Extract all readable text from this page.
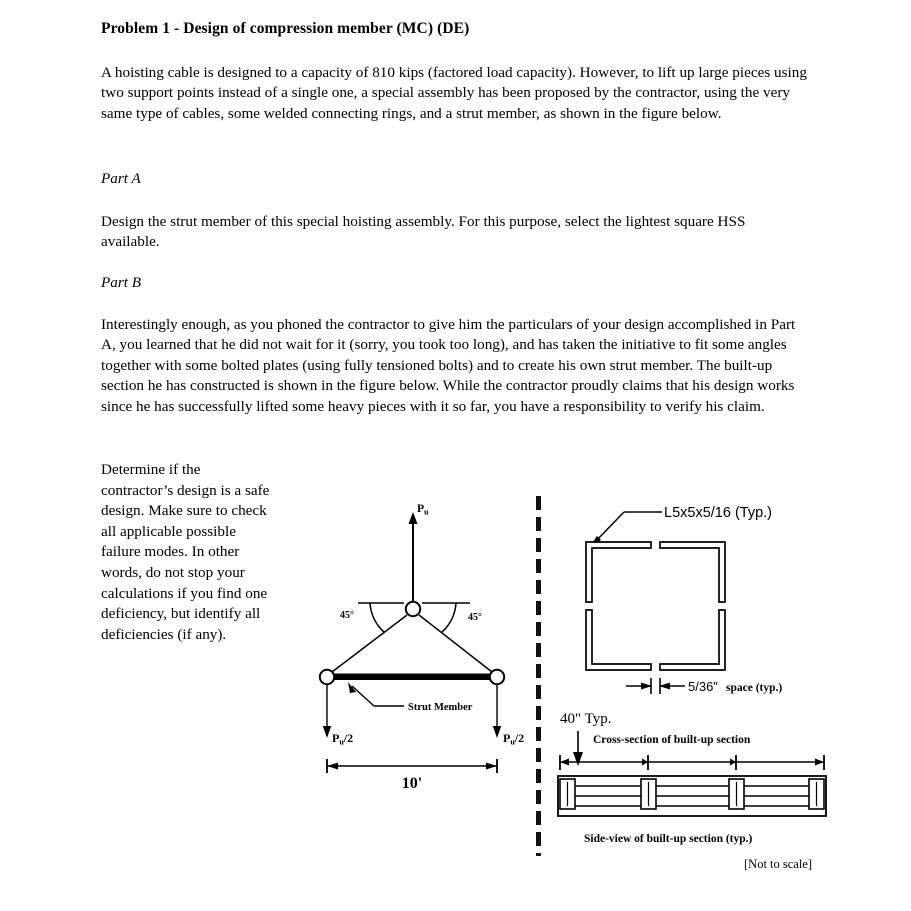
Problem 1 - Design of compression member (MC) (DE)
A hoisting cable is designed to a capacity of 810 kips (factored load capacity). However, to lift up large pieces using two support points instead of a single one, a special assembly has been proposed by the contractor, using the very same type of cables, some welded connecting rings, and a strut member, as shown in the figure below.
Part A
Design the strut member of this special hoisting assembly. For this purpose, select the lightest square HSS available.
Part B
Interestingly enough, as you phoned the contractor to give him the particulars of your design accomplished in Part A, you learned that he did not wait for it (sorry, you took too long), and has taken the initiative to fit some angles together with some bolted plates (using fully tensioned bolts) and to create his own strut member. The built-up section he has constructed is shown in the figure below. While the contractor proudly claims that his design works since he has successfully lifted some heavy pieces with it so far, you have a responsibility to verify his claim.
Determine if the contractor’s design is a safe design. Make sure to check all applicable possible failure modes. In other words, do not stop your calculations if you find one deficiency, but identify all deficiencies (if any).
$P_u$
45°	45°
Strut Member
$P_u/2$	$P_u/2$
10'
L5x5x5/16 (Typ.)
5/36" space (typ.)
40" Typ.
Cross-section of built-up section
Side-view of built-up section (typ.)
[Not to scale]
